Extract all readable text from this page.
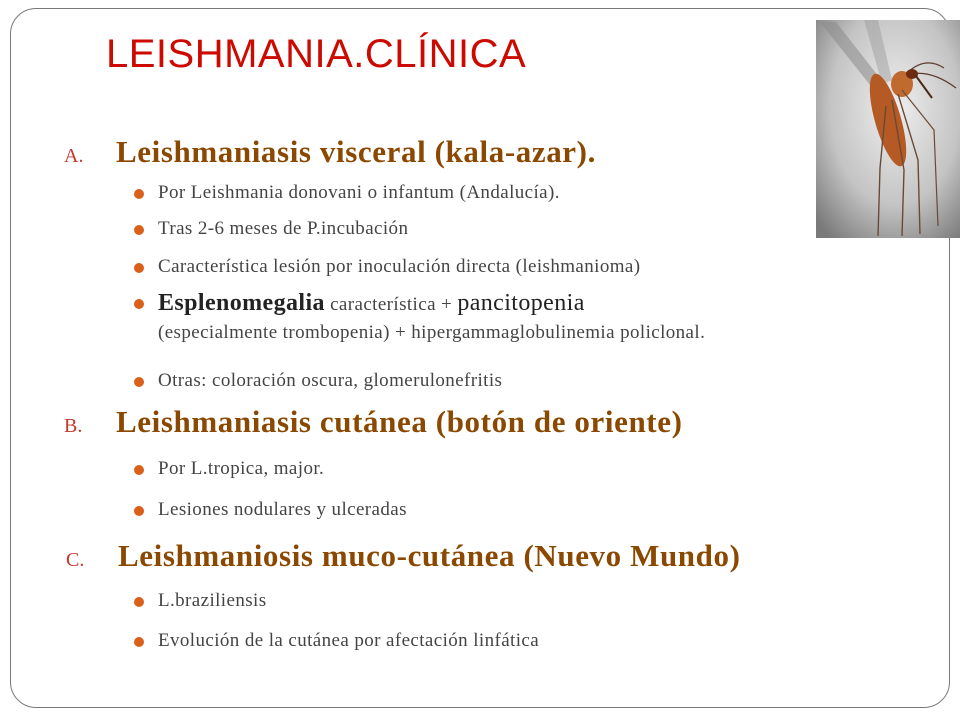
LEISHMANIA.CLÍNICA
A.	Leishmaniasis visceral (kala-azar).
Por Leishmania donovani o infantum (Andalucía).
Tras 2-6 meses de P.incubación
Característica lesión por inoculación directa (leishmanioma)
Esplenomegalia característica + pancitopenia
(especialmente trombopenia) + hipergammaglobulinemia policlonal.
Otras: coloración oscura, glomerulonefritis
B.	Leishmaniasis cutánea (botón de oriente)
Por L.tropica, major.
Lesiones nodulares y ulceradas
C.	Leishmaniosis muco-cutánea (Nuevo Mundo)
L.braziliensis
Evolución de la cutánea por afectación linfática
